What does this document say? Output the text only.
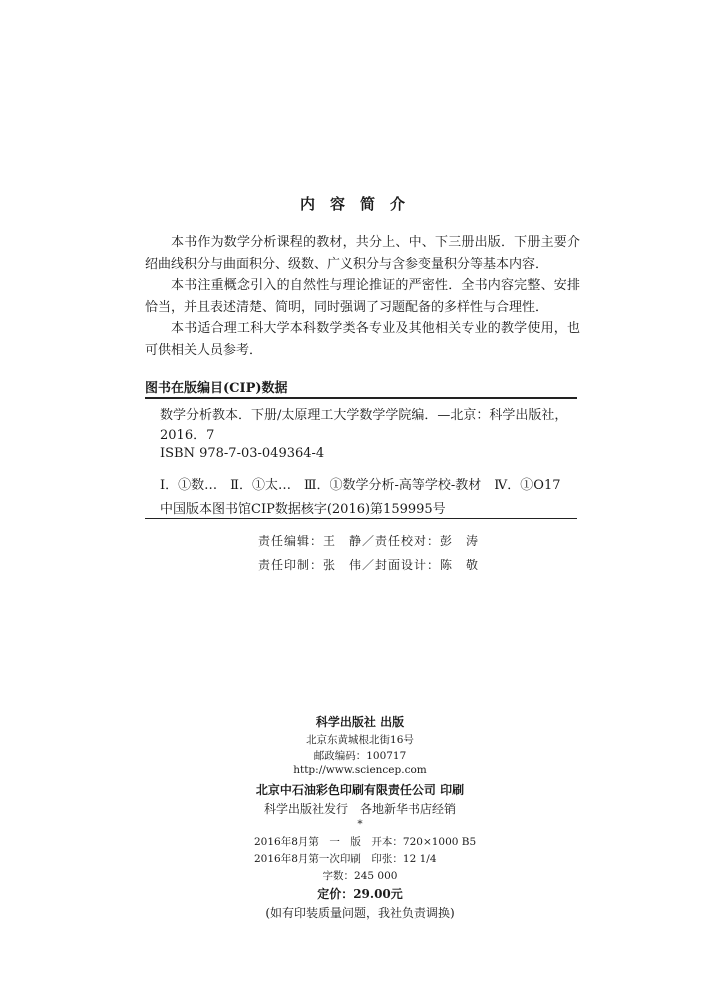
内容简介

本书作为数学分析课程的教材，共分上、中、下三册出版．下册主要介绍曲线积分与曲面积分、级数、广义积分与含参变量积分等基本内容．

本书注重概念引入的自然性与理论推证的严密性．全书内容完整、安排恰当，并且表述清楚、简明，同时强调了习题配备的多样性与合理性．

本书适合理工科大学本科数学类各专业及其他相关专业的教学使用，也可供相关人员参考．

图书在版编目(CIP)数据
数学分析教本．下册/太原理工大学数学学院编．—北京：科学出版社，
2016．7
ISBN 978-7-03-049364-4
Ⅰ．①数…　Ⅱ．①太…　Ⅲ．①数学分析-高等学校-教材　Ⅳ．①O17
中国版本图书馆CIP数据核字(2016)第159995号
责任编辑：王　静／责任校对：彭　涛
责任印制：张　伟／封面设计：陈　敬
科学出版社 出版
北京东黄城根北街16号
邮政编码：100717
http://www.sciencep.com
北京中石油彩色印刷有限责任公司 印刷
科学出版社发行　各地新华书店经销
*
2016年8月第　一　版　开本：720×1000 B5
2016年8月第一次印刷　印张：12 1/4
字数：245 000
定价：29.00元
(如有印装质量问题，我社负责调换)
